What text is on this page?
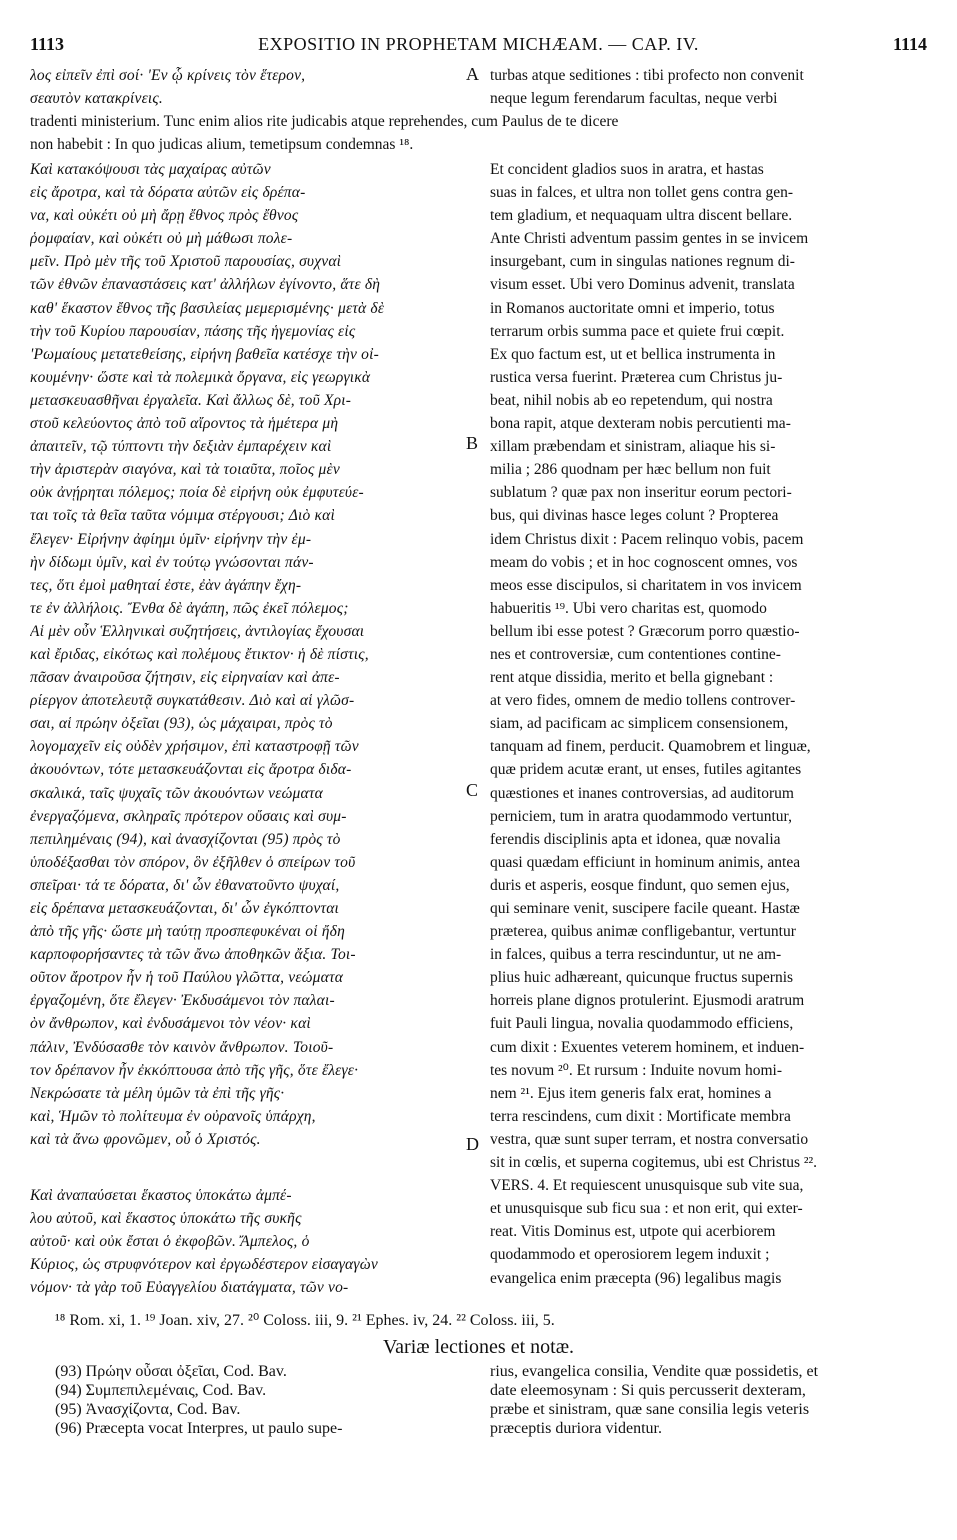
1113	EXPOSITIO IN PROPHETAM MICHÆAM. — CAP. IV.	1114
λος εἰπεῖν ἐπὶ σοί· 'Εν ᾧ κρίνεις τὸν ἕτερον,
σεαυτὸν κατακρίνεις.
turbas atque seditiones : tibi profecto non convenit
neque legum ferendarum facultas, neque verbi
tradenti ministerium. Tunc enim alios rite judicabis atque reprehendes, cum Paulus de te dicere
non habebit : In quo judicas alium, temetipsum condemnas ¹⁸.
A
B
C
D
Καὶ κατακόψουσι τὰς μαχαίρας αὐτῶν
εἰς ἄροτρα, καὶ τὰ δόρατα αὐτῶν εἰς δρέπα-
να, καὶ οὐκέτι οὐ μὴ ἄρῃ ἔθνος πρὸς ἔθνος
ῥομφαίαν, καὶ οὐκέτι οὐ μὴ μάθωσι πολε-
μεῖν. Πρὸ μὲν τῆς τοῦ Χριστοῦ παρουσίας, συχναὶ
τῶν ἐθνῶν ἐπαναστάσεις κατ' ἀλλήλων ἐγίνοντο, ἅτε δὴ
καθ' ἕκαστον ἔθνος τῆς βασιλείας μεμερισμένης· μετὰ δὲ
τὴν τοῦ Κυρίου παρουσίαν, πάσης τῆς ἡγεμονίας εἰς
'Ρωμαίους μετατεθείσης, εἰρήνη βαθεῖα κατέσχε τὴν οἰ-
κουμένην· ὥστε καὶ τὰ πολεμικὰ ὄργανα, εἰς γεωργικὰ
μετασκευασθῆναι ἐργαλεῖα. Καὶ ἄλλως δὲ, τοῦ Χρι-
στοῦ κελεύοντος ἀπὸ τοῦ αἴροντος τὰ ἡμέτερα μὴ
ἀπαιτεῖν, τῷ τύπτοντι τὴν δεξιὰν ἐμπαρέχειν καὶ
τὴν ἀριστερὰν σιαγόνα, καὶ τὰ τοιαῦτα, ποῖος μὲν
οὐκ ἀνῄρηται πόλεμος; ποία δὲ εἰρήνη οὐκ ἐμφυτεύε-
ται τοῖς τὰ θεῖα ταῦτα νόμιμα στέργουσι; Διὸ καὶ
ἔλεγεν· Εἰρήνην ἀφίημι ὑμῖν· εἰρήνην τὴν ἐμ-
ὴν δίδωμι ὑμῖν, καὶ ἐν τούτῳ γνώσονται πάν-
τες, ὅτι ἐμοὶ μαθηταί ἐστε, ἐὰν ἀγάπην ἔχη-
τε ἐν ἀλλήλοις. Ἔνθα δὲ ἀγάπη, πῶς ἐκεῖ πόλεμος;
Αἱ μὲν οὖν Ἑλληνικαὶ συζητήσεις, ἀντιλογίας ἔχουσαι
καὶ ἔριδας, εἰκότως καὶ πολέμους ἔτικτον· ἡ δὲ πίστις,
πᾶσαν ἀναιροῦσα ζήτησιν, εἰς εἰρηναίαν καὶ ἀπε-
ρίεργον ἀποτελευτᾷ συγκατάθεσιν. Διὸ καὶ αἱ γλῶσ-
σαι, αἱ πρώην ὀξεῖαι (93), ὡς μάχαιραι, πρὸς τὸ
λογομαχεῖν εἰς οὐδὲν χρήσιμον, ἐπὶ καταστροφῇ τῶν
ἀκουόντων, τότε μετασκευάζονται εἰς ἄροτρα διδα-
σκαλικά, ταῖς ψυχαῖς τῶν ἀκουόντων νεώματα
ἐνεργαζόμενα, σκληραῖς πρότερον οὔσαις καὶ συμ-
πεπιλημέναις (94), καὶ ἀνασχίζονται (95) πρὸς τὸ
ὑποδέξασθαι τὸν σπόρον, ὃν ἐξῆλθεν ὁ σπείρων τοῦ
σπεῖραι· τά τε δόρατα, δι' ὧν ἐθανατοῦντο ψυχαί,
εἰς δρέπανα μετασκευάζονται, δι' ὧν ἐγκόπτονται
ἀπὸ τῆς γῆς· ὥστε μὴ ταύτῃ προσπεφυκέναι οἱ ἤδη
καρποφορήσαντες τὰ τῶν ἄνω ἀποθηκῶν ἄξια. Τοι-
οῦτον ἄροτρον ἦν ἡ τοῦ Παύλου γλῶττα, νεώματα
ἐργαζομένη, ὅτε ἔλεγεν· Ἐκδυσάμενοι τὸν παλαι-
ὸν ἄνθρωπον, καὶ ἐνδυσάμενοι τὸν νέον· καὶ
πάλιν, Ἐνδύσασθε τὸν καινὸν ἄνθρωπον. Τοιοῦ-
τον δρέπανον ἦν ἐκκόπτουσα ἀπὸ τῆς γῆς, ὅτε ἔλεγε·
Νεκρώσατε τὰ μέλη ὑμῶν τὰ ἐπὶ τῆς γῆς·
καὶ, Ἡμῶν τὸ πολίτευμα ἐν οὐρανοῖς ὑπάρχη,
καὶ τὰ ἄνω φρονῶμεν, οὗ ὁ Χριστός.
Καὶ ἀναπαύσεται ἕκαστος ὑποκάτω ἀμπέ-
λου αὐτοῦ, καὶ ἕκαστος ὑποκάτω τῆς συκῆς
αὐτοῦ· καὶ οὐκ ἔσται ὁ ἐκφοβῶν. Ἄμπελος, ὁ
Κύριος, ὡς στρυφνότερον καὶ ἐργωδέστερον εἰσαγαγὼν
νόμον· τὰ γὰρ τοῦ Εὐαγγελίου διατάγματα, τῶν νο-
Et concident gladios suos in aratra, et hastas
suas in falces, et ultra non tollet gens contra gen-
tem gladium, et nequaquam ultra discent bellare.
Ante Christi adventum passim gentes in se invicem
insurgebant, cum in singulas nationes regnum di-
visum esset. Ubi vero Dominus advenit, translata
in Romanos auctoritate omni et imperio, totus
terrarum orbis summa pace et quiete frui cœpit.
Ex quo factum est, ut et bellica instrumenta in
rustica versa fuerint. Præterea cum Christus ju-
beat, nihil nobis ab eo repetendum, qui nostra
bona rapit, atque dexteram nobis percutienti ma-
xillam præbendam et sinistram, aliaque his si-
milia ; 286 quodnam per hæc bellum non fuit
sublatum ? quæ pax non inseritur eorum pectori-
bus, qui divinas hasce leges colunt ? Propterea
idem Christus dixit : Pacem relinquo vobis, pacem
meam do vobis ; et in hoc cognoscent omnes, vos
meos esse discipulos, si charitatem in vos invicem
habueritis ¹⁹. Ubi vero charitas est, quomodo
bellum ibi esse potest ? Græcorum porro quæstio-
nes et controversiæ, cum contentiones contine-
rent atque dissidia, merito et bella gignebant :
at vero fides, omnem de medio tollens controver-
siam, ad pacificam ac simplicem consensionem,
tanquam ad finem, perducit. Quamobrem et linguæ,
quæ pridem acutæ erant, ut enses, futiles agitantes
quæstiones et inanes controversias, ad auditorum
perniciem, tum in aratra quodammodo vertuntur,
ferendis disciplinis apta et idonea, quæ novalia
quasi quædam efficiunt in hominum animis, antea
duris et asperis, eosque findunt, quo semen ejus,
qui seminare venit, suscipere facile queant. Hastæ
præterea, quibus animæ confligebantur, vertuntur
in falces, quibus a terra rescinduntur, ut ne am-
plius huic adhæreant, quicunque fructus supernis
horreis plane dignos protulerint. Ejusmodi aratrum
fuit Pauli lingua, novalia quodammodo efficiens,
cum dixit : Exuentes veterem hominem, et induen-
tes novum ²⁰. Et rursum : Induite novum homi-
nem ²¹. Ejus item generis falx erat, homines a
terra rescindens, cum dixit : Mortificate membra
vestra, quæ sunt super terram, et nostra conversatio
sit in cœlis, et superna cogitemus, ubi est Christus ²².
VERS. 4. Et requiescent unusquisque sub vite sua,
et unusquisque sub ficu sua : et non erit, qui exter-
reat. Vitis Dominus est, utpote qui acerbiorem
quodammodo et operosiorem legem induxit ;
evangelica enim præcepta (96) legalibus magis
¹⁸ Rom. xi, 1. ¹⁹ Joan. xiv, 27. ²⁰ Coloss. iii, 9. ²¹ Ephes. iv, 24. ²² Coloss. iii, 5.
Variæ lectiones et notæ.
(93) Πρώην οὖσαι ὀξεῖαι, Cod. Bav.
(94) Συμπεπιλεμέναις, Cod. Bav.
(95) Ἀνασχίζοντα, Cod. Bav.
(96) Præcepta vocat Interpres, ut paulo supe-
rius, evangelica consilia, Vendite quæ possidetis, et
date eleemosynam : Si quis percusserit dexteram,
præbe et sinistram, quæ sane consilia legis veteris
præceptis duriora videntur.
